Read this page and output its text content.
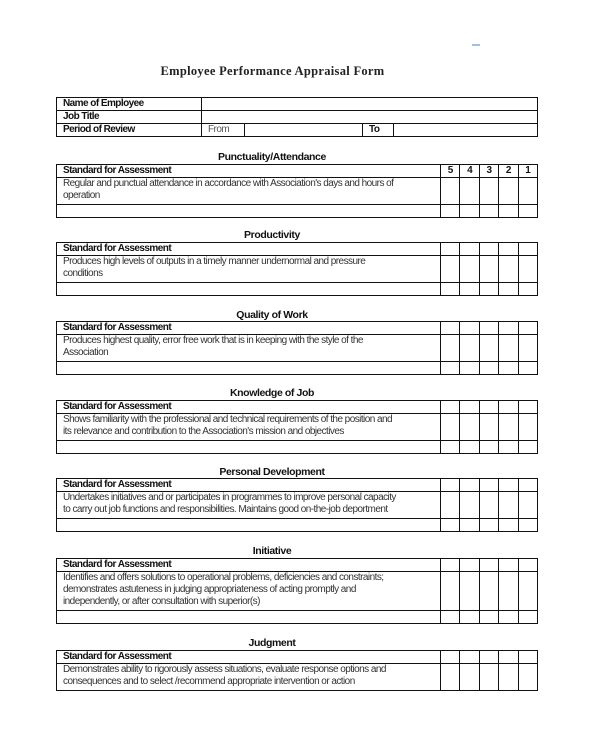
Employee Performance Appraisal Form
Name of Employee				
Job Title				
Period of Review	From		To	
Punctuality/Attendance
Standard for Assessment	5	4	3	2	1

Regular and punctual attendance in accordance with Association's days and hours of
operation					

Productivity
Standard for Assessment					

Produces high levels of outputs in a timely manner undernormal and pressure
conditions					

Quality of Work
Standard for Assessment					

Produces highest quality, error free work that is in keeping with the style of the
Association					

Knowledge of Job
Standard for Assessment					

Shows familiarity with the professional and technical requirements of the position and
its relevance and contribution to the Association's mission and objectives					

Personal Development
Standard for Assessment					

Undertakes initiatives and or participates in programmes to improve personal capacity
to carry out job functions and responsibilities. Maintains good on-the-job deportment					

Initiative
Standard for Assessment					

Identifies and offers solutions to operational problems, deficiencies and constraints;
demonstrates astuteness in judging appropriateness of acting promptly and
independently, or after consultation with superior(s)					

Judgment
Standard for Assessment					

Demonstrates ability to rigorously assess situations, evaluate response options and
consequences and to select /recommend appropriate intervention or action					
